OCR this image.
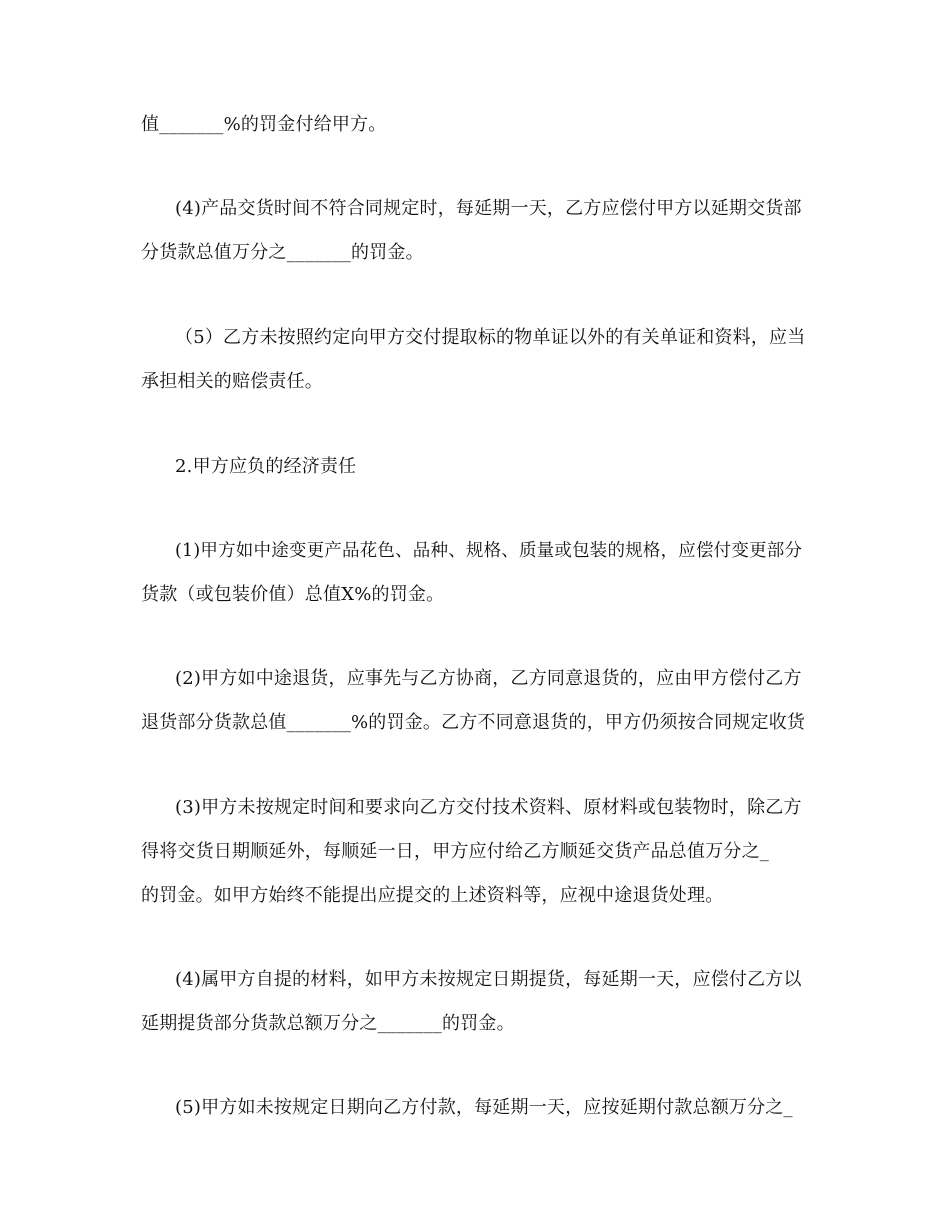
值_______%的罚金付给甲方。
(4)产品交货时间不符合同规定时，每延期一天，乙方应偿付甲方以延期交货部
分货款总值万分之_______的罚金。
（5）乙方未按照约定向甲方交付提取标的物单证以外的有关单证和资料，应当
承担相关的赔偿责任。
2.甲方应负的经济责任
(1)甲方如中途变更产品花色、品种、规格、质量或包装的规格，应偿付变更部分
货款（或包装价值）总值X%的罚金。
(2)甲方如中途退货，应事先与乙方协商，乙方同意退货的，应由甲方偿付乙方
退货部分货款总值_______%的罚金。乙方不同意退货的，甲方仍须按合同规定收货
(3)甲方未按规定时间和要求向乙方交付技术资料、原材料或包装物时，除乙方
得将交货日期顺延外，每顺延一日，甲方应付给乙方顺延交货产品总值万分之_
的罚金。如甲方始终不能提出应提交的上述资料等，应视中途退货处理。
(4)属甲方自提的材料，如甲方未按规定日期提货，每延期一天，应偿付乙方以
延期提货部分货款总额万分之_______的罚金。
(5)甲方如未按规定日期向乙方付款，每延期一天，应按延期付款总额万分之_
